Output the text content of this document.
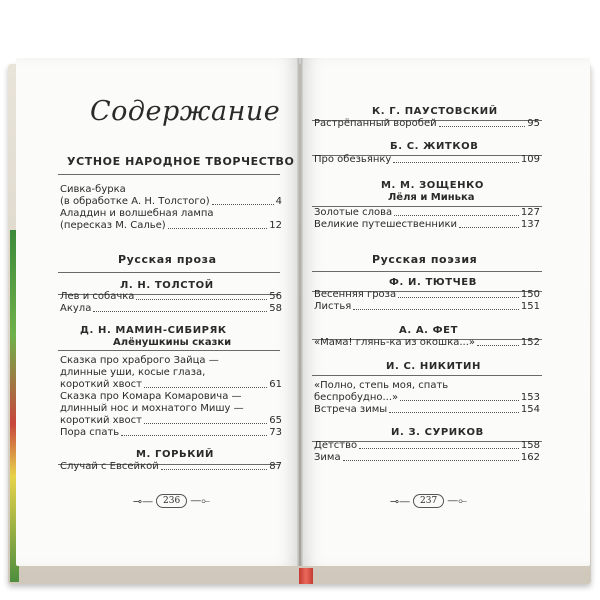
Содержание
УСТНОЕ НАРОДНОЕ ТВОРЧЕСТВО
Сивка-бурка
(в обработке А. Н. Толстого)	4
Аладдин и волшебная лампа
(пересказ М. Салье)	12
Русская проза
Л. Н. ТОЛСТОЙ
Лев и собачка	56
Акула	58
Д. Н. МАМИН-СИБИРЯК
Алёнушкины сказки
Сказка про храброго Зайца —
длинные уши, косые глаза,
короткий хвост	61
Сказка про Комара Комаровича —
длинный нос и мохнатого Мишу —
короткий хвост	65
Пора спать	73
М. ГОРЬКИЙ
Случай с Евсейкой	87
⊸—	236 —⟜
К. Г. ПАУСТОВСКИЙ
Растрёпанный воробей	95
Б. С. ЖИТКОВ
Про обезьянку	109
М. М. ЗОЩЕНКО
Лёля и Минька
Золотые слова	127
Великие путешественники	137
Русская поэзия
Ф. И. ТЮТЧЕВ
Весенняя гроза	150
Листья	151
А. А. ФЕТ
«Мама! глянь-ка из окошка...»	152
И. С. НИКИТИН
«Полно, степь моя, спать
беспробудно...»	153
Встреча зимы	154
И. З. СУРИКОВ
Детство	158
Зима	162
⊸—	237 —⟜
